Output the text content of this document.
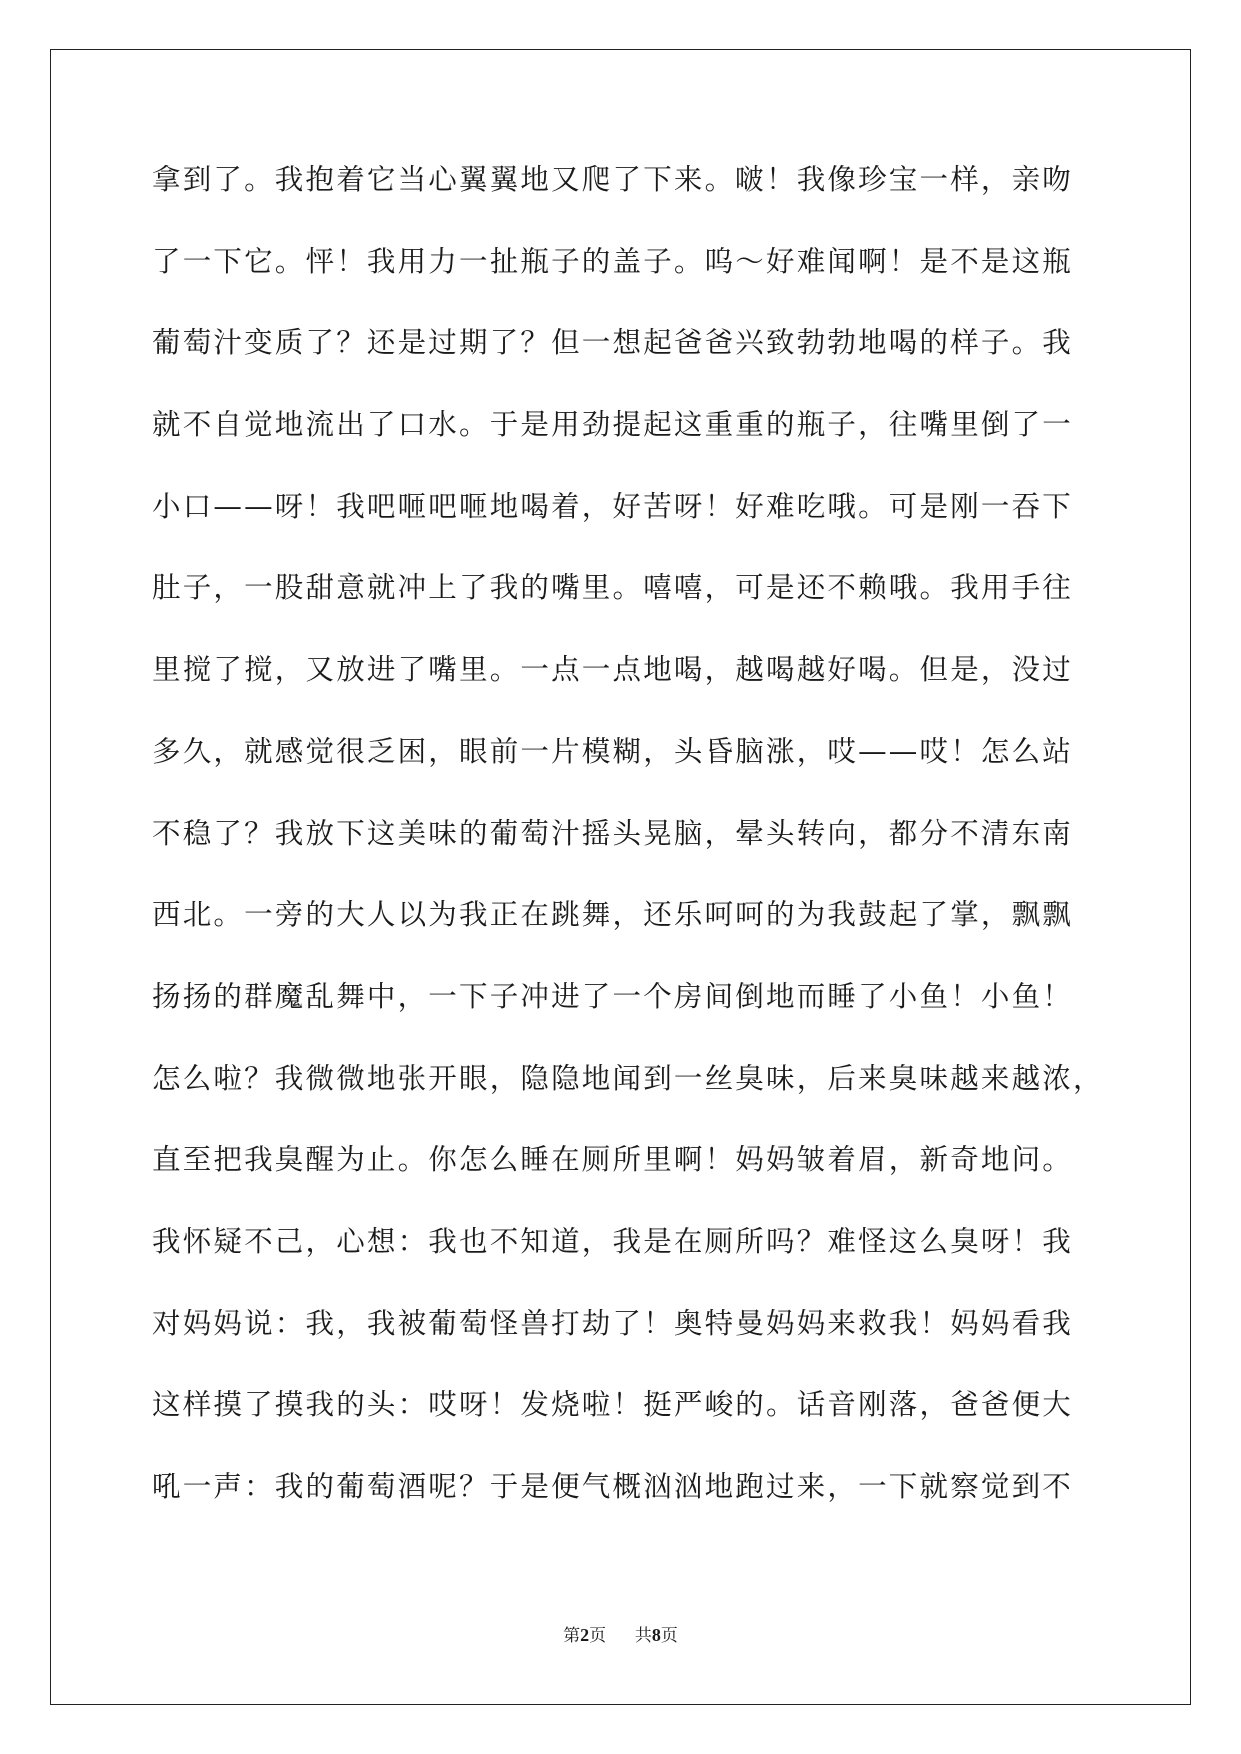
拿到了。我抱着它当心翼翼地又爬了下来。啵！我像珍宝一样，亲吻
了一下它。怦！我用力一扯瓶子的盖子。呜～好难闻啊！是不是这瓶
葡萄汁变质了？还是过期了？但一想起爸爸兴致勃勃地喝的样子。我
就不自觉地流出了口水。于是用劲提起这重重的瓶子，往嘴里倒了一
小口——呀！我吧咂吧咂地喝着，好苦呀！好难吃哦。可是刚一吞下
肚子，一股甜意就冲上了我的嘴里。嘻嘻，可是还不赖哦。我用手往
里搅了搅，又放进了嘴里。一点一点地喝，越喝越好喝。但是，没过
多久，就感觉很乏困，眼前一片模糊，头昏脑涨，哎——哎！怎么站
不稳了？我放下这美味的葡萄汁摇头晃脑，晕头转向，都分不清东南
西北。一旁的大人以为我正在跳舞，还乐呵呵的为我鼓起了掌，飘飘
扬扬的群魔乱舞中，一下子冲进了一个房间倒地而睡了小鱼！小鱼！
怎么啦？我微微地张开眼，隐隐地闻到一丝臭味，后来臭味越来越浓，
直至把我臭醒为止。你怎么睡在厕所里啊！妈妈皱着眉，新奇地问。
我怀疑不己，心想：我也不知道，我是在厕所吗？难怪这么臭呀！我
对妈妈说：我，我被葡萄怪兽打劫了！奥特曼妈妈来救我！妈妈看我
这样摸了摸我的头：哎呀！发烧啦！挺严峻的。话音刚落，爸爸便大
吼一声：我的葡萄酒呢？于是便气概汹汹地跑过来，一下就察觉到不
第2页 共8页
